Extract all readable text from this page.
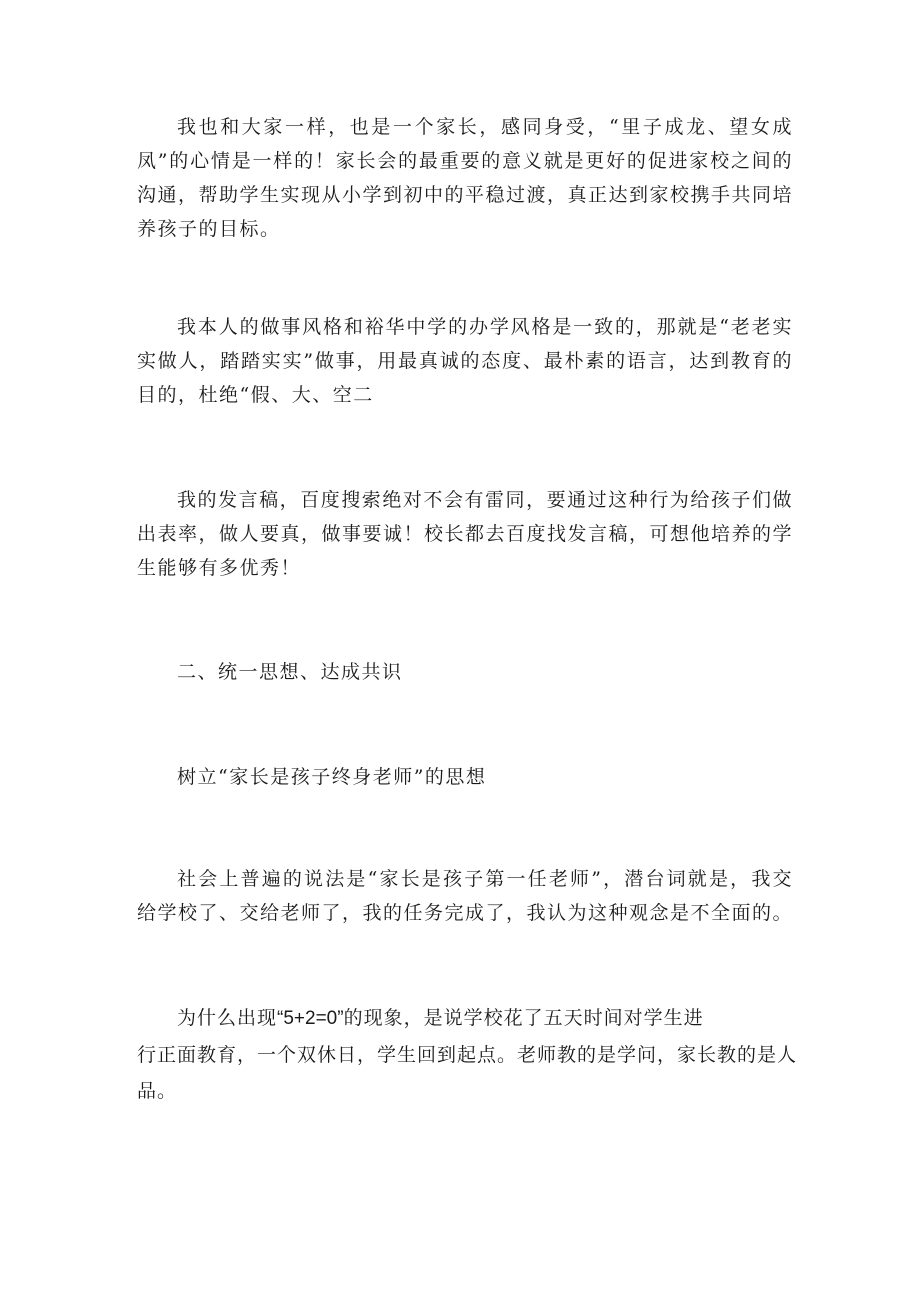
我也和大家一样，也是一个家长，感同身受，“里子成龙、望女成凤”的心情是一样的！家长会的最重要的意义就是更好的促进家校之间的沟通，帮助学生实现从小学到初中的平稳过渡，真正达到家校携手共同培养孩子的目标。

我本人的做事风格和裕华中学的办学风格是一致的，那就是“老老实实做人，踏踏实实”做事，用最真诚的态度、最朴素的语言，达到教育的目的，杜绝“假、大、空二

我的发言稿，百度搜索绝对不会有雷同，要通过这种行为给孩子们做出表率，做人要真，做事要诚！校长都去百度找发言稿，可想他培养的学生能够有多优秀！

二、统一思想、达成共识

树立“家长是孩子终身老师”的思想

社会上普遍的说法是“家长是孩子第一任老师”，潜台词就是，我交给学校了、交给老师了，我的任务完成了，我认为这种观念是不全面的。

为什么出现“5+2=0”的现象，是说学校花了五天时间对学生进
行正面教育，一个双休日，学生回到起点。老师教的是学问，家长教的是人品。
